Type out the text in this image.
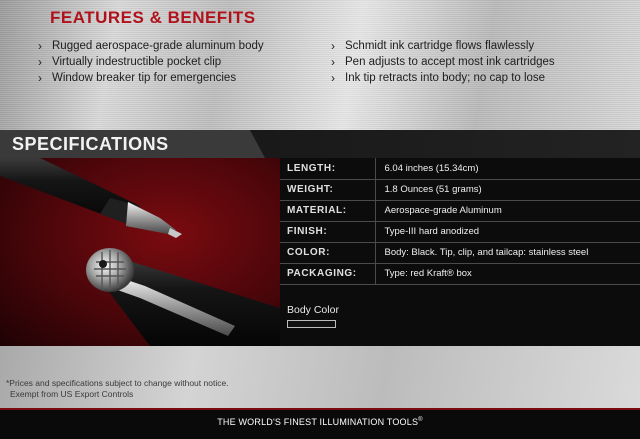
FEATURES & BENEFITS
› Rugged aerospace-grade aluminum body
› Virtually indestructible pocket clip
› Window breaker tip for emergencies
› Schmidt ink cartridge flows flawlessly
› Pen adjusts to accept most ink cartridges
› Ink tip retracts into body; no cap to lose
SPECIFICATIONS
LENGTH:	6.04 inches (15.34cm)
WEIGHT:	1.8 Ounces (51 grams)
MATERIAL:	Aerospace-grade Aluminum
FINISH:	Type-III hard anodized
COLOR:	Body: Black. Tip, clip, and tailcap: stainless steel
PACKAGING:	Type: red Kraft® box
Body Color
*Prices and specifications subject to change without notice.
Exempt from US Export Controls
THE WORLD'S FINEST ILLUMINATION TOOLS®
